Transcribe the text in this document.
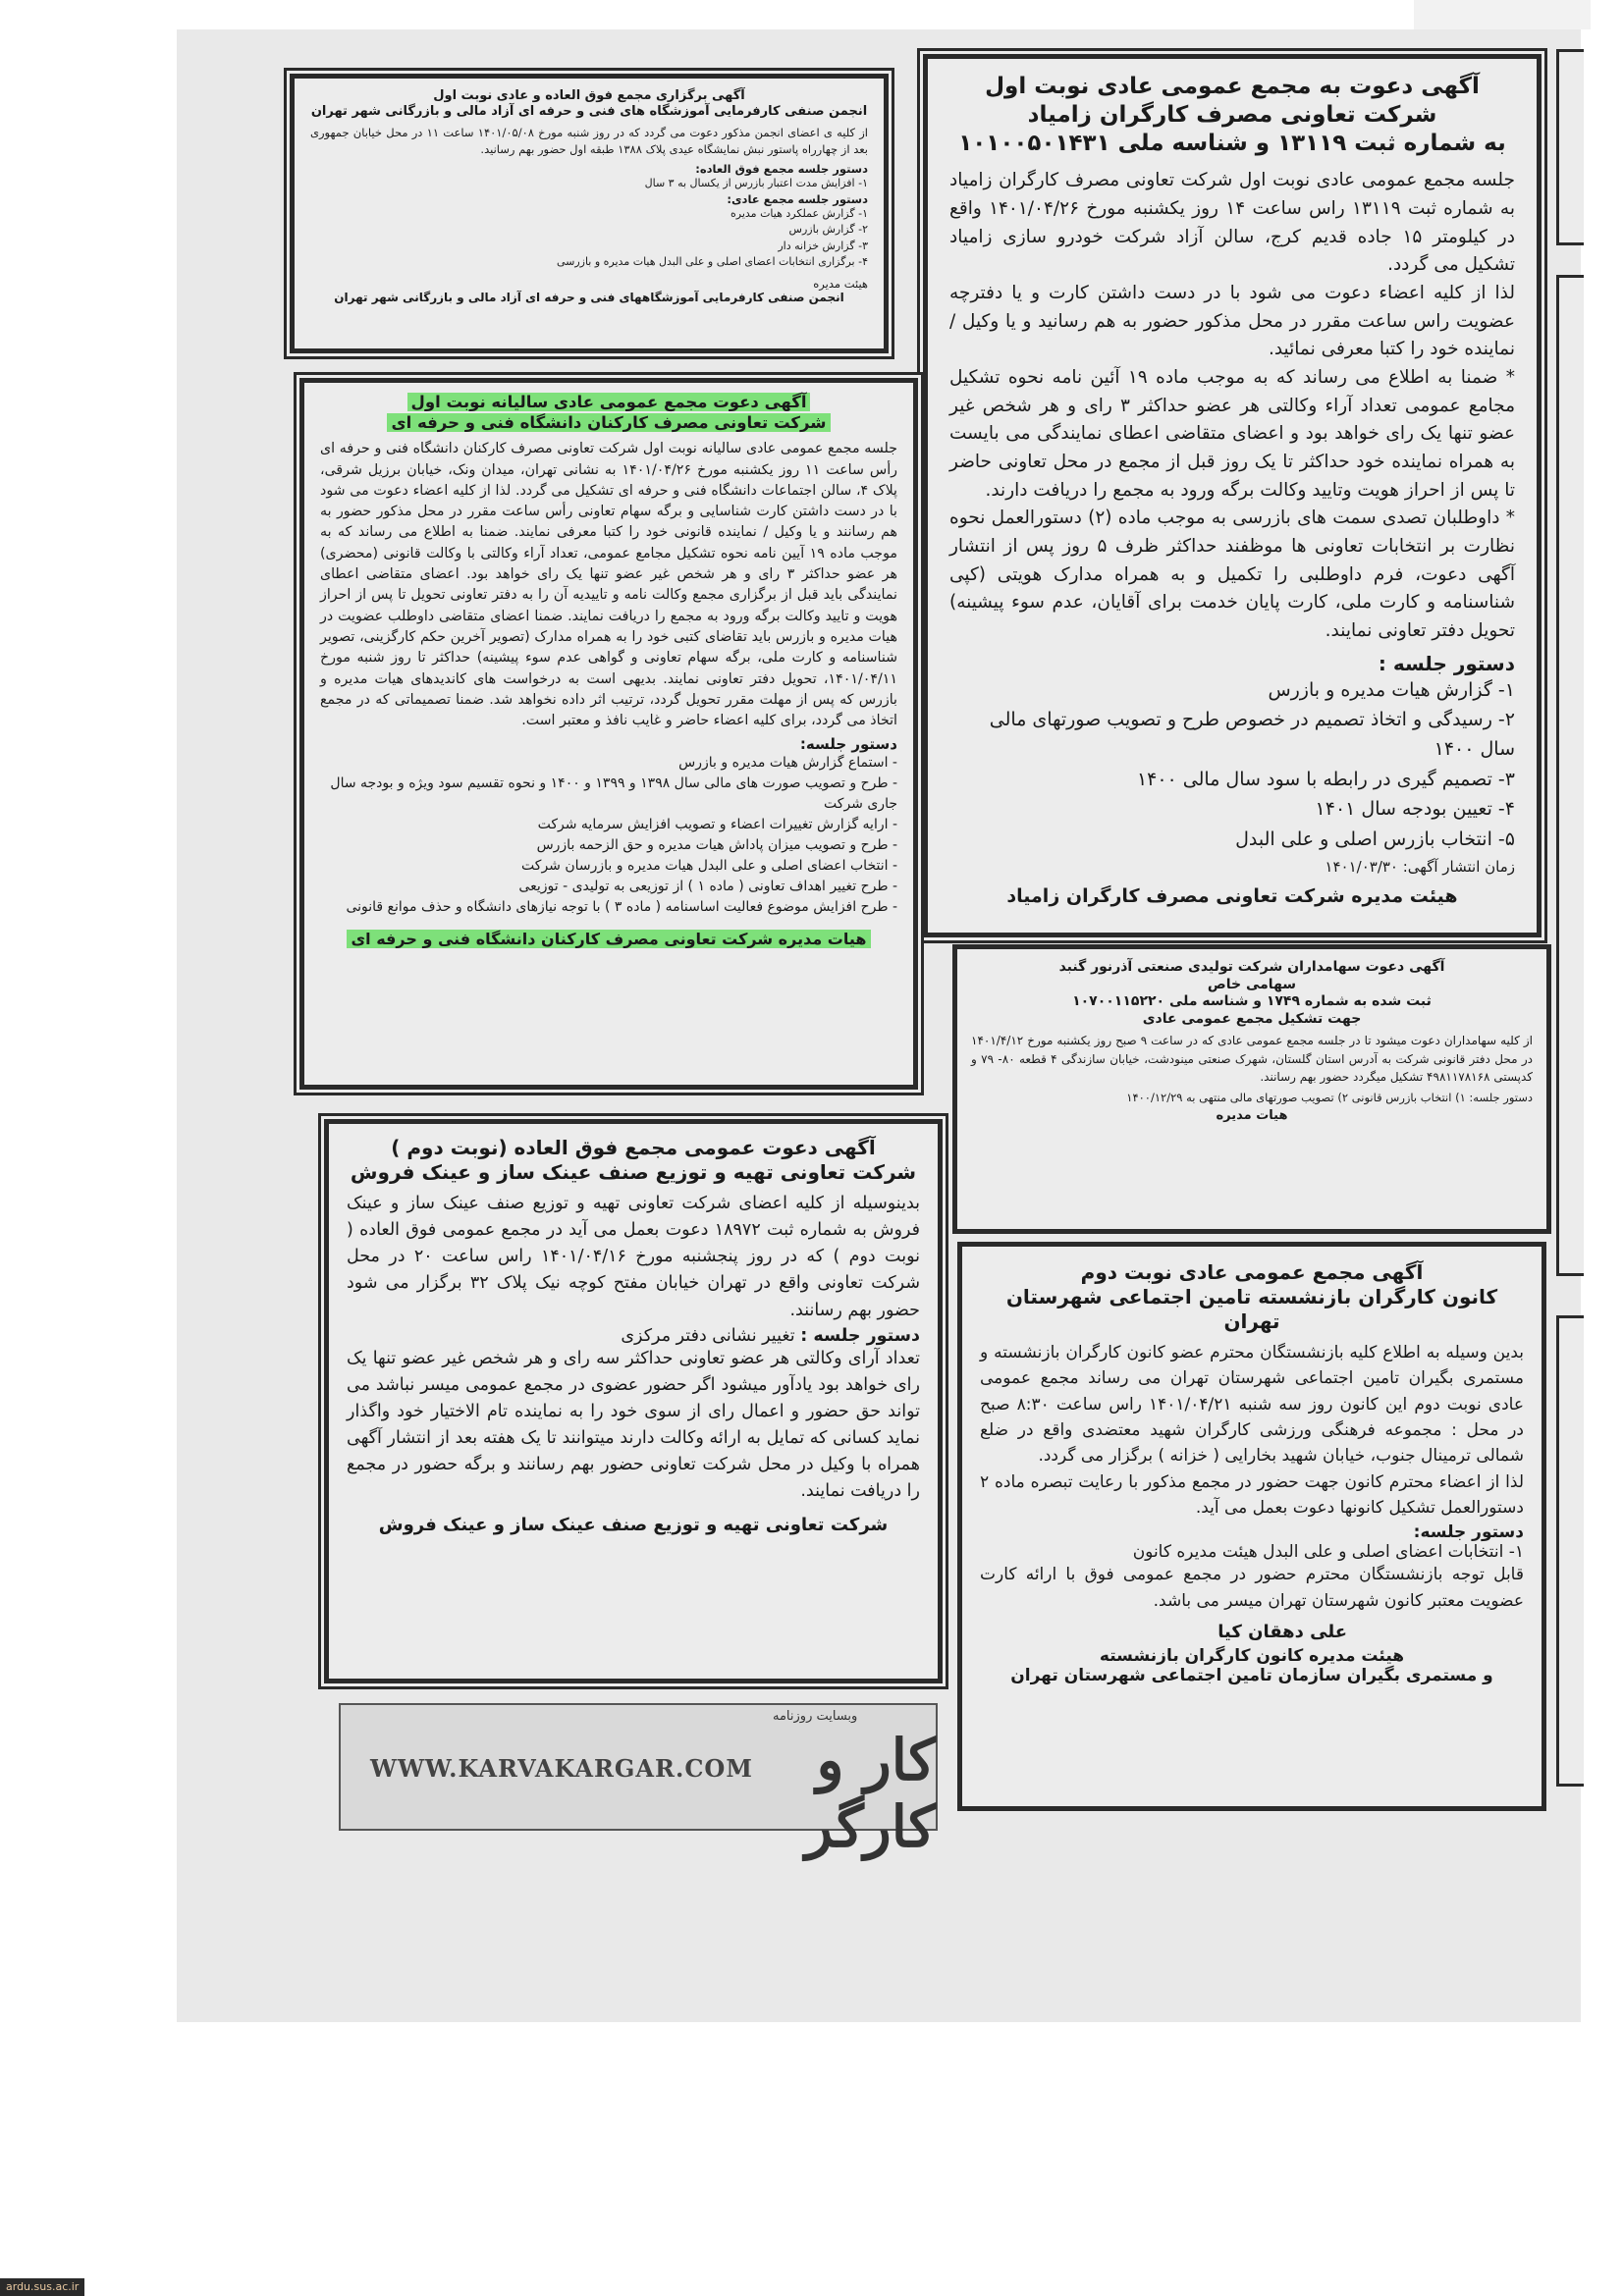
آگهی دعوت به مجمع عمومی عادی نوبت اول
شرکت تعاونی مصرف کارگران زامیاد
به شماره ثبت ۱۳۱۱۹ و شناسه ملی ۱۰۱۰۰۵۰۱۴۳۱
جلسه مجمع عمومی عادی نوبت اول شرکت تعاونی مصرف کارگران زامیاد به شماره ثبت ۱۳۱۱۹ راس ساعت ۱۴ روز یکشنبه مورخ ۱۴۰۱/۰۴/۲۶ واقع در کیلومتر ۱۵ جاده قدیم کرج، سالن آزاد شرکت خودرو سازی زامیاد تشکیل می گردد.
لذا از کلیه اعضاء دعوت می شود با در دست داشتن کارت و یا دفترچه عضویت راس ساعت مقرر در محل مذکور حضور به هم رسانید و یا وکیل / نماینده خود را کتبا معرفی نمائید.
* ضمنا به اطلاع می رساند که به موجب ماده ۱۹ آئین نامه نحوه تشکیل مجامع عمومی تعداد آراء وکالتی هر عضو حداکثر ۳ رای و هر شخص غیر عضو تنها یک رای خواهد بود و اعضای متقاضی اعطای نمایندگی می بایست به همراه نماینده خود حداکثر تا یک روز قبل از مجمع در محل تعاونی حاضر تا پس از احراز هویت وتایید وکالت برگه ورود به مجمع را دریافت دارند.
* داوطلبان تصدی سمت های بازرسی به موجب ماده (۲) دستورالعمل نحوه نظارت بر انتخابات تعاونی ها موظفند حداکثر ظرف ۵ روز پس از انتشار آگهی دعوت، فرم داوطلبی را تکمیل و به همراه مدارک هویتی (کپی شناسنامه و کارت ملی، کارت پایان خدمت برای آقایان، عدم سوء پیشینه) تحویل دفتر تعاونی نمایند.
دستور جلسه :
۱- گزارش هیات مدیره و بازرس
۲- رسیدگی و اتخاذ تصمیم در خصوص طرح و تصویب صورتهای مالی سال ۱۴۰۰
۳- تصمیم گیری در رابطه با سود سال مالی ۱۴۰۰
۴- تعیین بودجه سال ۱۴۰۱
۵- انتخاب بازرس اصلی و علی البدل
زمان انتشار آگهی: ۱۴۰۱/۰۳/۳۰
هیئت مدیره شرکت تعاونی مصرف کارگران زامیاد
آگهی برگزاری مجمع فوق العاده و عادی نوبت اول
انجمن صنفی کارفرمایی آموزشگاه های فنی و حرفه ای آزاد مالی و بازرگانی شهر تهران
از کلیه ی اعضای انجمن مذکور دعوت می گردد که در روز شنبه مورخ ۱۴۰۱/۰۵/۰۸ ساعت ۱۱ در محل خیابان جمهوری بعد از چهارراه پاستور نبش نمایشگاه عیدی پلاک ۱۳۸۸ طبقه اول حضور بهم رسانید.
دستور جلسه مجمع فوق العاده:
۱- افزایش مدت اعتبار بازرس از یکسال به ۳ سال
دستور جلسه مجمع عادی:
۱- گزارش عملکرد هیات مدیره
۲- گزارش بازرس
۳- گزارش خزانه دار
۴- برگزاری انتخابات اعضای اصلی و علی البدل هیات مدیره و بازرسی
هیئت مدیره
انجمن صنفی کارفرمایی آموزشگاههای فنی و حرفه ای آزاد مالی و بازرگانی شهر تهران
آگهی دعوت مجمع عمومی عادی سالیانه نوبت اول
شرکت تعاونی مصرف کارکنان دانشگاه فنی و حرفه ای
جلسه مجمع عمومی عادی سالیانه نوبت اول شرکت تعاونی مصرف کارکنان دانشگاه فنی و حرفه ای رأس ساعت ۱۱ روز یکشنبه مورخ ۱۴۰۱/۰۴/۲۶ به نشانی تهران، میدان ونک، خیابان برزیل شرقی، پلاک ۴، سالن اجتماعات دانشگاه فنی و حرفه ای تشکیل می گردد. لذا از کلیه اعضاء دعوت می شود با در دست داشتن کارت شناسایی و برگه سهام تعاونی رأس ساعت مقرر در محل مذکور حضور به هم رسانند و یا وکیل / نماینده قانونی خود را کتبا معرفی نمایند. ضمنا به اطلاع می رساند که به موجب ماده ۱۹ آیین نامه نحوه تشکیل مجامع عمومی، تعداد آراء وکالتی با وکالت قانونی (محضری) هر عضو حداکثر ۳ رای و هر شخص غیر عضو تنها یک رای خواهد بود. اعضای متقاضی اعطای نمایندگی باید قبل از برگزاری مجمع وکالت نامه و تاییدیه آن را به دفتر تعاونی تحویل تا پس از احراز هویت و تایید وکالت برگه ورود به مجمع را دریافت نمایند. ضمنا اعضای متقاضی داوطلب عضویت در هیات مدیره و بازرس باید تقاضای کتبی خود را به همراه مدارک (تصویر آخرین حکم کارگزینی، تصویر شناسنامه و کارت ملی، برگه سهام تعاونی و گواهی عدم سوء پیشینه) حداکثر تا روز شنبه مورخ ۱۴۰۱/۰۴/۱۱، تحویل دفتر تعاونی نمایند. بدیهی است به درخواست های کاندیدهای هیات مدیره و بازرس که پس از مهلت مقرر تحویل گردد، ترتیب اثر داده نخواهد شد. ضمنا تصمیماتی که در مجمع اتخاذ می گردد، برای کلیه اعضاء حاضر و غایب نافذ و معتبر است.
دستور جلسه:
- استماع گزارش هیات مدیره و بازرس
- طرح و تصویب صورت های مالی سال ۱۳۹۸ و ۱۳۹۹ و ۱۴۰۰ و نحوه تقسیم سود ویژه و بودجه سال جاری شرکت
- ارایه گزارش تغییرات اعضاء و تصویب افزایش سرمایه شرکت
- طرح و تصویب میزان پاداش هیات مدیره و حق الزحمه بازرس
- انتخاب اعضای اصلی و علی البدل هیات مدیره و بازرسان شرکت
- طرح تغییر اهداف تعاونی ( ماده ۱ ) از توزیعی به تولیدی - توزیعی
- طرح افزایش موضوع فعالیت اساسنامه ( ماده ۳ ) با توجه نیازهای دانشگاه و حذف موانع قانونی
هیات مدیره شرکت تعاونی مصرف کارکنان دانشگاه فنی و حرفه ای
آگهی دعوت سهامداران شرکت تولیدی صنعتی آذرنور گنبد
سهامی خاص
ثبت شده به شماره ۱۷۴۹ و شناسه ملی ۱۰۷۰۰۱۱۵۲۲۰
جهت تشکیل مجمع عمومی عادی
از کلیه سهامداران دعوت میشود تا در جلسه مجمع عمومی عادی که در ساعت ۹ صبح روز یکشنبه مورخ ۱۴۰۱/۴/۱۲ در محل دفتر قانونی شرکت به آدرس استان گلستان، شهرک صنعتی مینودشت، خیابان سازندگی ۴ قطعه ۸۰- ۷۹ و کدپستی ۴۹۸۱۱۷۸۱۶۸ تشکیل میگردد حضور بهم رسانند.
دستور جلسه: ۱) انتخاب بازرس قانونی ۲) تصویب صورتهای مالی منتهی به ۱۴۰۰/۱۲/۲۹
هیات مدیره
آگهی دعوت عمومی مجمع فوق العاده (نوبت دوم )
شرکت تعاونی تهیه و توزیع صنف عینک ساز و عینک فروش
بدینوسیله از کلیه اعضای شرکت تعاونی تهیه و توزیع صنف عینک ساز و عینک فروش به شماره ثبت ۱۸۹۷۲ دعوت بعمل می آید در مجمع عمومی فوق العاده ( نوبت دوم ) که در روز پنجشنبه مورخ ۱۴۰۱/۰۴/۱۶ راس ساعت ۲۰ در محل شرکت تعاونی واقع در تهران خیابان مفتح کوچه نیک پلاک ۳۲ برگزار می شود حضور بهم رسانند.
دستور جلسه : تغییر نشانی دفتر مرکزی
تعداد آرای وکالتی هر عضو تعاونی حداکثر سه رای و هر شخص غیر عضو تنها یک رای خواهد بود یادآور میشود اگر حضور عضوی در مجمع عمومی میسر نباشد می تواند حق حضور و اعمال رای از سوی خود را به نماینده تام الاختیار خود واگذار نماید کسانی که تمایل به ارائه وکالت دارند میتوانند تا یک هفته بعد از انتشار آگهی همراه با وکیل در محل شرکت تعاونی حضور بهم رسانند و برگه حضور در مجمع را دریافت نمایند.
شرکت تعاونی تهیه و توزیع صنف عینک ساز و عینک فروش
آگهی مجمع عمومی عادی نوبت دوم
کانون کارگران بازنشسته تامین اجتماعی شهرستان تهران
بدین وسیله به اطلاع کلیه بازنشستگان محترم عضو کانون کارگران بازنشسته و مستمری بگیران تامین اجتماعی شهرستان تهران می رساند مجمع عمومی عادی نوبت دوم این کانون روز سه شنبه ۱۴۰۱/۰۴/۲۱ راس ساعت ۸:۳۰ صبح در محل : مجموعه فرهنگی ورزشی کارگران شهید معتضدی واقع در ضلع شمالی ترمینال جنوب، خیابان شهید بخارایی ( خزانه ) برگزار می گردد.
لذا از اعضاء محترم کانون جهت حضور در مجمع مذکور با رعایت تبصره ماده ۲ دستورالعمل تشکیل کانونها دعوت بعمل می آید.
دستور جلسه:
۱- انتخابات اعضای اصلی و علی البدل هیئت مدیره کانون
قابل توجه بازنشستگان محترم حضور در مجمع عمومی فوق با ارائه کارت عضویت معتبر کانون شهرستان تهران میسر می باشد.
علی دهقان کیا
هیئت مدیره کانون کارگران بازنشسته
و مستمری بگیران سازمان تامین اجتماعی شهرستان تهران
وبسایت روزنامه
WWW.KARVAKARGAR.COM	کار و کارگر
ardu.sus.ac.ir
